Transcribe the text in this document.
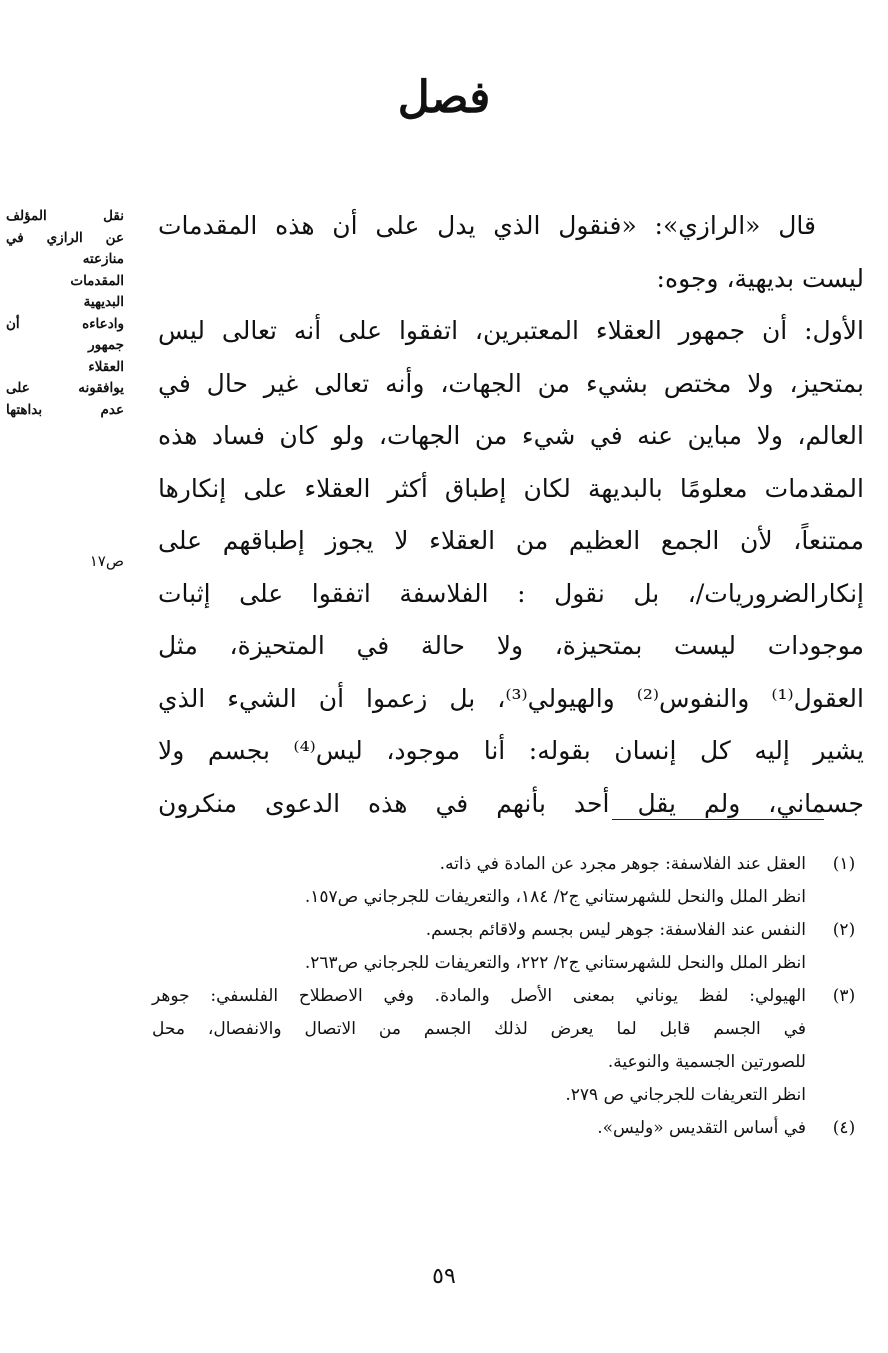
فصل
نقل المؤلف
عن الرازي في
منازعته
المقدمات
البديهية
وادعاءه أن
جمهور
العقلاء
يوافقونه على
عدم بداهتها
ص١٧
قال «الرازي»: «فنقول الذي يدل على أن هذه المقدمات
ليست بديهية، وجوه:
الأول: أن جمهور العقلاء المعتبرين، اتفقوا على أنه تعالى ليس
بمتحيز، ولا مختص بشيء من الجهات، وأنه تعالى غير حال في
العالم، ولا مباين عنه في شيء من الجهات، ولو كان فساد هذه
المقدمات معلومًا بالبديهة لكان إطباق أكثر العقلاء على إنكارها
ممتنعاً، لأن الجمع العظيم من العقلاء لا يجوز إطباقهم على
إنكارالضروريات/، بل نقول : الفلاسفة اتفقوا على إثبات
موجودات ليست بمتحيزة، ولا حالة في المتحيزة، مثل
العقول⁽¹⁾ والنفوس⁽²⁾ والهيولي⁽³⁾، بل زعموا أن الشيء الذي
يشير إليه كل إنسان بقوله: أنا موجود، ليس⁽⁴⁾ بجسم ولا
جسماني، ولم يقل أحد بأنهم في هذه الدعوى منكرون
(١)
العقل عند الفلاسفة: جوهر مجرد عن المادة في ذاته.
انظر الملل والنحل للشهرستاني ج٢/ ١٨٤، والتعريفات للجرجاني ص١٥٧.
(٢)
النفس عند الفلاسفة: جوهر ليس بجسم ولاقائم بجسم.
انظر الملل والنحل للشهرستاني ج٢/ ٢٢٢، والتعريفات للجرجاني ص٢٦٣.
(٣)
الهيولي: لفظ يوناني بمعنى الأصل والمادة. وفي الاصطلاح الفلسفي: جوهر
في الجسم قابل لما يعرض لذلك الجسم من الاتصال والانفصال، محل
للصورتين الجسمية والنوعية.
انظر التعريفات للجرجاني ص ٢٧٩.
(٤)
في أساس التقديس «وليس».
٥٩
